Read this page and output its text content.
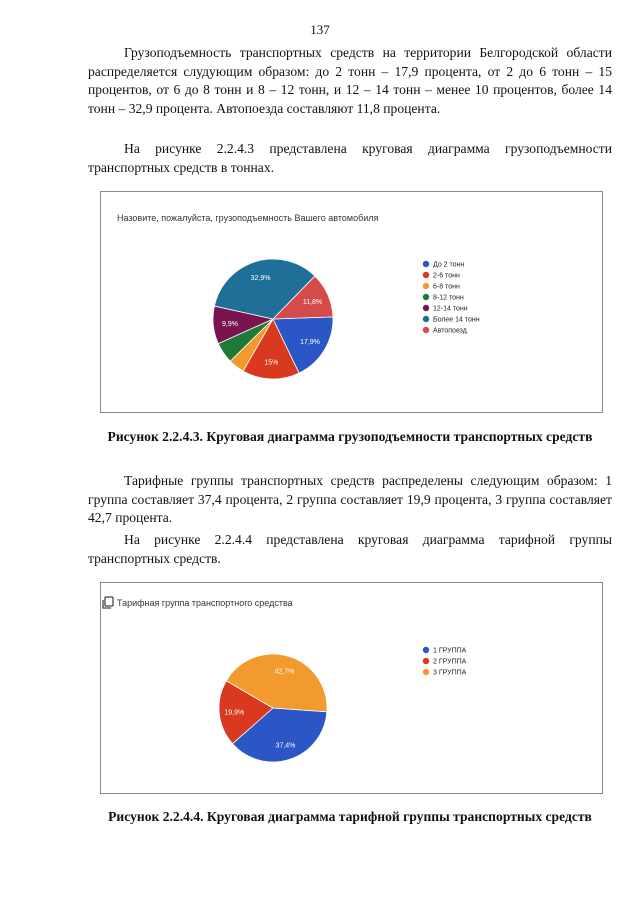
137

Грузоподъемность транспортных средств на территории Белгородской области распределяется слудующим образом: до 2 тонн – 17,9 процента, от 2 до 6 тонн – 15 процентов, от 6 до 8 тонн и 8 – 12 тонн, и 12 – 14 тонн – менее 10 процентов, более 14 тонн – 32,9 процента. Автопоезда составляют 11,8 процента.

На рисунке 2.2.4.3 представлена круговая диаграмма грузоподъемности транспортных средств в тоннах.

Назовите, пожалуйста, грузоподъемность Вашего автомобиля
17,9%
15%
9,9%
32,9%
11,8%
До 2 тонн
2-6 тонн
6-8 тонн
8-12 тонн
12-14 тонн
Более 14 тонн
Автопоезд
Рисунок 2.2.4.3. Круговая диаграмма грузоподъемности транспортных средств

Тарифные группы транспортных средств распределены следующим образом: 1 группа составляет 37,4 процента, 2 группа составляет 19,9 процента, 3 группа составляет 42,7 процента.

На рисунке 2.2.4.4 представлена круговая диаграмма тарифной группы транспортных средств.

Тарифная группа транспортного средства
37,4%
19,9%
42,7%
1 ГРУППА
2 ГРУППА
3 ГРУППА
Рисунок 2.2.4.4. Круговая диаграмма тарифной группы транспортных средств
